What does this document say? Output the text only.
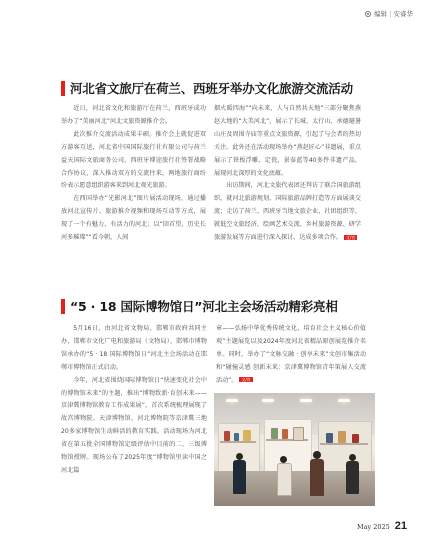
编辑｜安睿华
河北省文旅厅在荷兰、西班牙举办文化旅游交流活动

近日，河北省文化和旅游厅在荷兰、西班牙成功举办了“美丽河北”河北文旅资源推介会。

此次推介交流活动成果丰硕。推介会上就促进双方游客互送，河北省中国国际旅行社有限公司与荷兰益天国际文旅商务公司、西班牙博途旅行社签署战略合作协议，深入推动双方的交流往来，两地旅行商纷纷表示愿意组织游客来到河北观光旅游。

在西国举办“光影河北”图片展活动现场，通过播放河北宣传片、旅游推介视频和现场互动等方式，展现了一个有魅力、有活力的河北；以“回首望，历史长河多璀璨”“看今朝，人间

烟火暖四海”“向未来，人与自然共天地”三部分聚焦燕赵大地的“大美河北”，展示了长城、太行山、承德避暑山庄及周围寺庙等重点文旅资源，引起了与会者的热切关注。此外还在活动现场举办“燕赵匠心”非遗展，重点展示了铁板浮雕、定瓷、景泰蓝等40多件非遗产品，展现河北深厚的文化底蕴。

出访期间，河北文旅代表团还拜访了联合国旅游组织，就河北旅游规划、国际旅游品牌打造等方面展谈交流；走访了荷兰、西班牙当地文旅企业、社团组织等，就低空文旅经济、绘画艺术交流、乡村旅游资源、研学旅游发展等方面进行深入探讨，达成多项合作。 文/宣

“5 · 18 国际博物馆日”河北主会场活动精彩亮相

5月16日，由河北省文物局、邯郸市政府共同主办，邯郸市文化广电和旅游局（文物局）、邯郸市博物馆承办的“5 · 18 国际博物馆日”河北主会场活动在邯郸市博物馆正式启动。

今年，河北省围绕国际博物馆日“快速变化社会中的博物馆未来”的主题，推出“博物致新·育创未来——京津冀博物馆教育工作成果展”，首次系统梳理展现了故宫博物院、天津博物馆、河北博物院等京津冀三地20多家博物馆生动鲜活的教育实践。活动现场为河北省在第五批全国博物馆定级评估中目前的二、三级博物馆授牌。现场公布了2025年度“博物馆里读中国之河北篇

章——弘扬中华优秀传统文化，培育社会主义核心价值观”主题展览以及2024年度河北省精品原创展览推介名单。同时，举办了“文脉交融 · 创享未来”文创市集活动和“碰撞灵感 创新未来：京津冀博物馆青年策展人交流活动”。 文/宣

May 2025 21
